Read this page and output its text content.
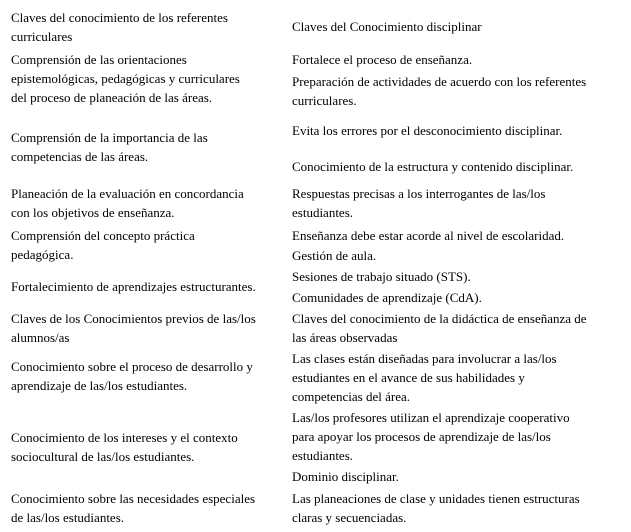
Claves del conocimiento de los referentes
curriculares
Claves del Conocimiento disciplinar
Comprensión de las orientaciones
epistemológicas, pedagógicas y curriculares
del proceso de planeación de las áreas.
Fortalece el proceso de enseñanza.
Preparación de actividades de acuerdo con los referentes
curriculares.
Comprensión de la importancia de las
competencias de las áreas.
Evita los errores por el desconocimiento disciplinar.
Conocimiento de la estructura y contenido disciplinar.
Planeación de la evaluación en concordancia
con los objetivos de enseñanza.
Respuestas precisas a los interrogantes de las/los
estudiantes.
Comprensión del concepto práctica
pedagógica.
Enseñanza debe estar acorde al nivel de escolaridad.
Gestión de aula.
Fortalecimiento de aprendizajes estructurantes.
Sesiones de trabajo situado (STS).
Comunidades de aprendizaje (CdA).
Claves de los Conocimientos previos de las/los
alumnos/as
Claves del conocimiento de la didáctica de enseñanza de
las áreas observadas
Conocimiento sobre el proceso de desarrollo y
aprendizaje de las/los estudiantes.
Las clases están diseñadas para involucrar a las/los
estudiantes en el avance de sus habilidades y
competencias del área.
Conocimiento de los intereses y el contexto
sociocultural de las/los estudiantes.
Las/los profesores utilizan el aprendizaje cooperativo
para apoyar los procesos de aprendizaje de las/los
estudiantes.
Dominio disciplinar.
Conocimiento sobre las necesidades especiales
de las/los estudiantes.
Las planeaciones de clase y unidades tienen estructuras
claras y secuenciadas.
